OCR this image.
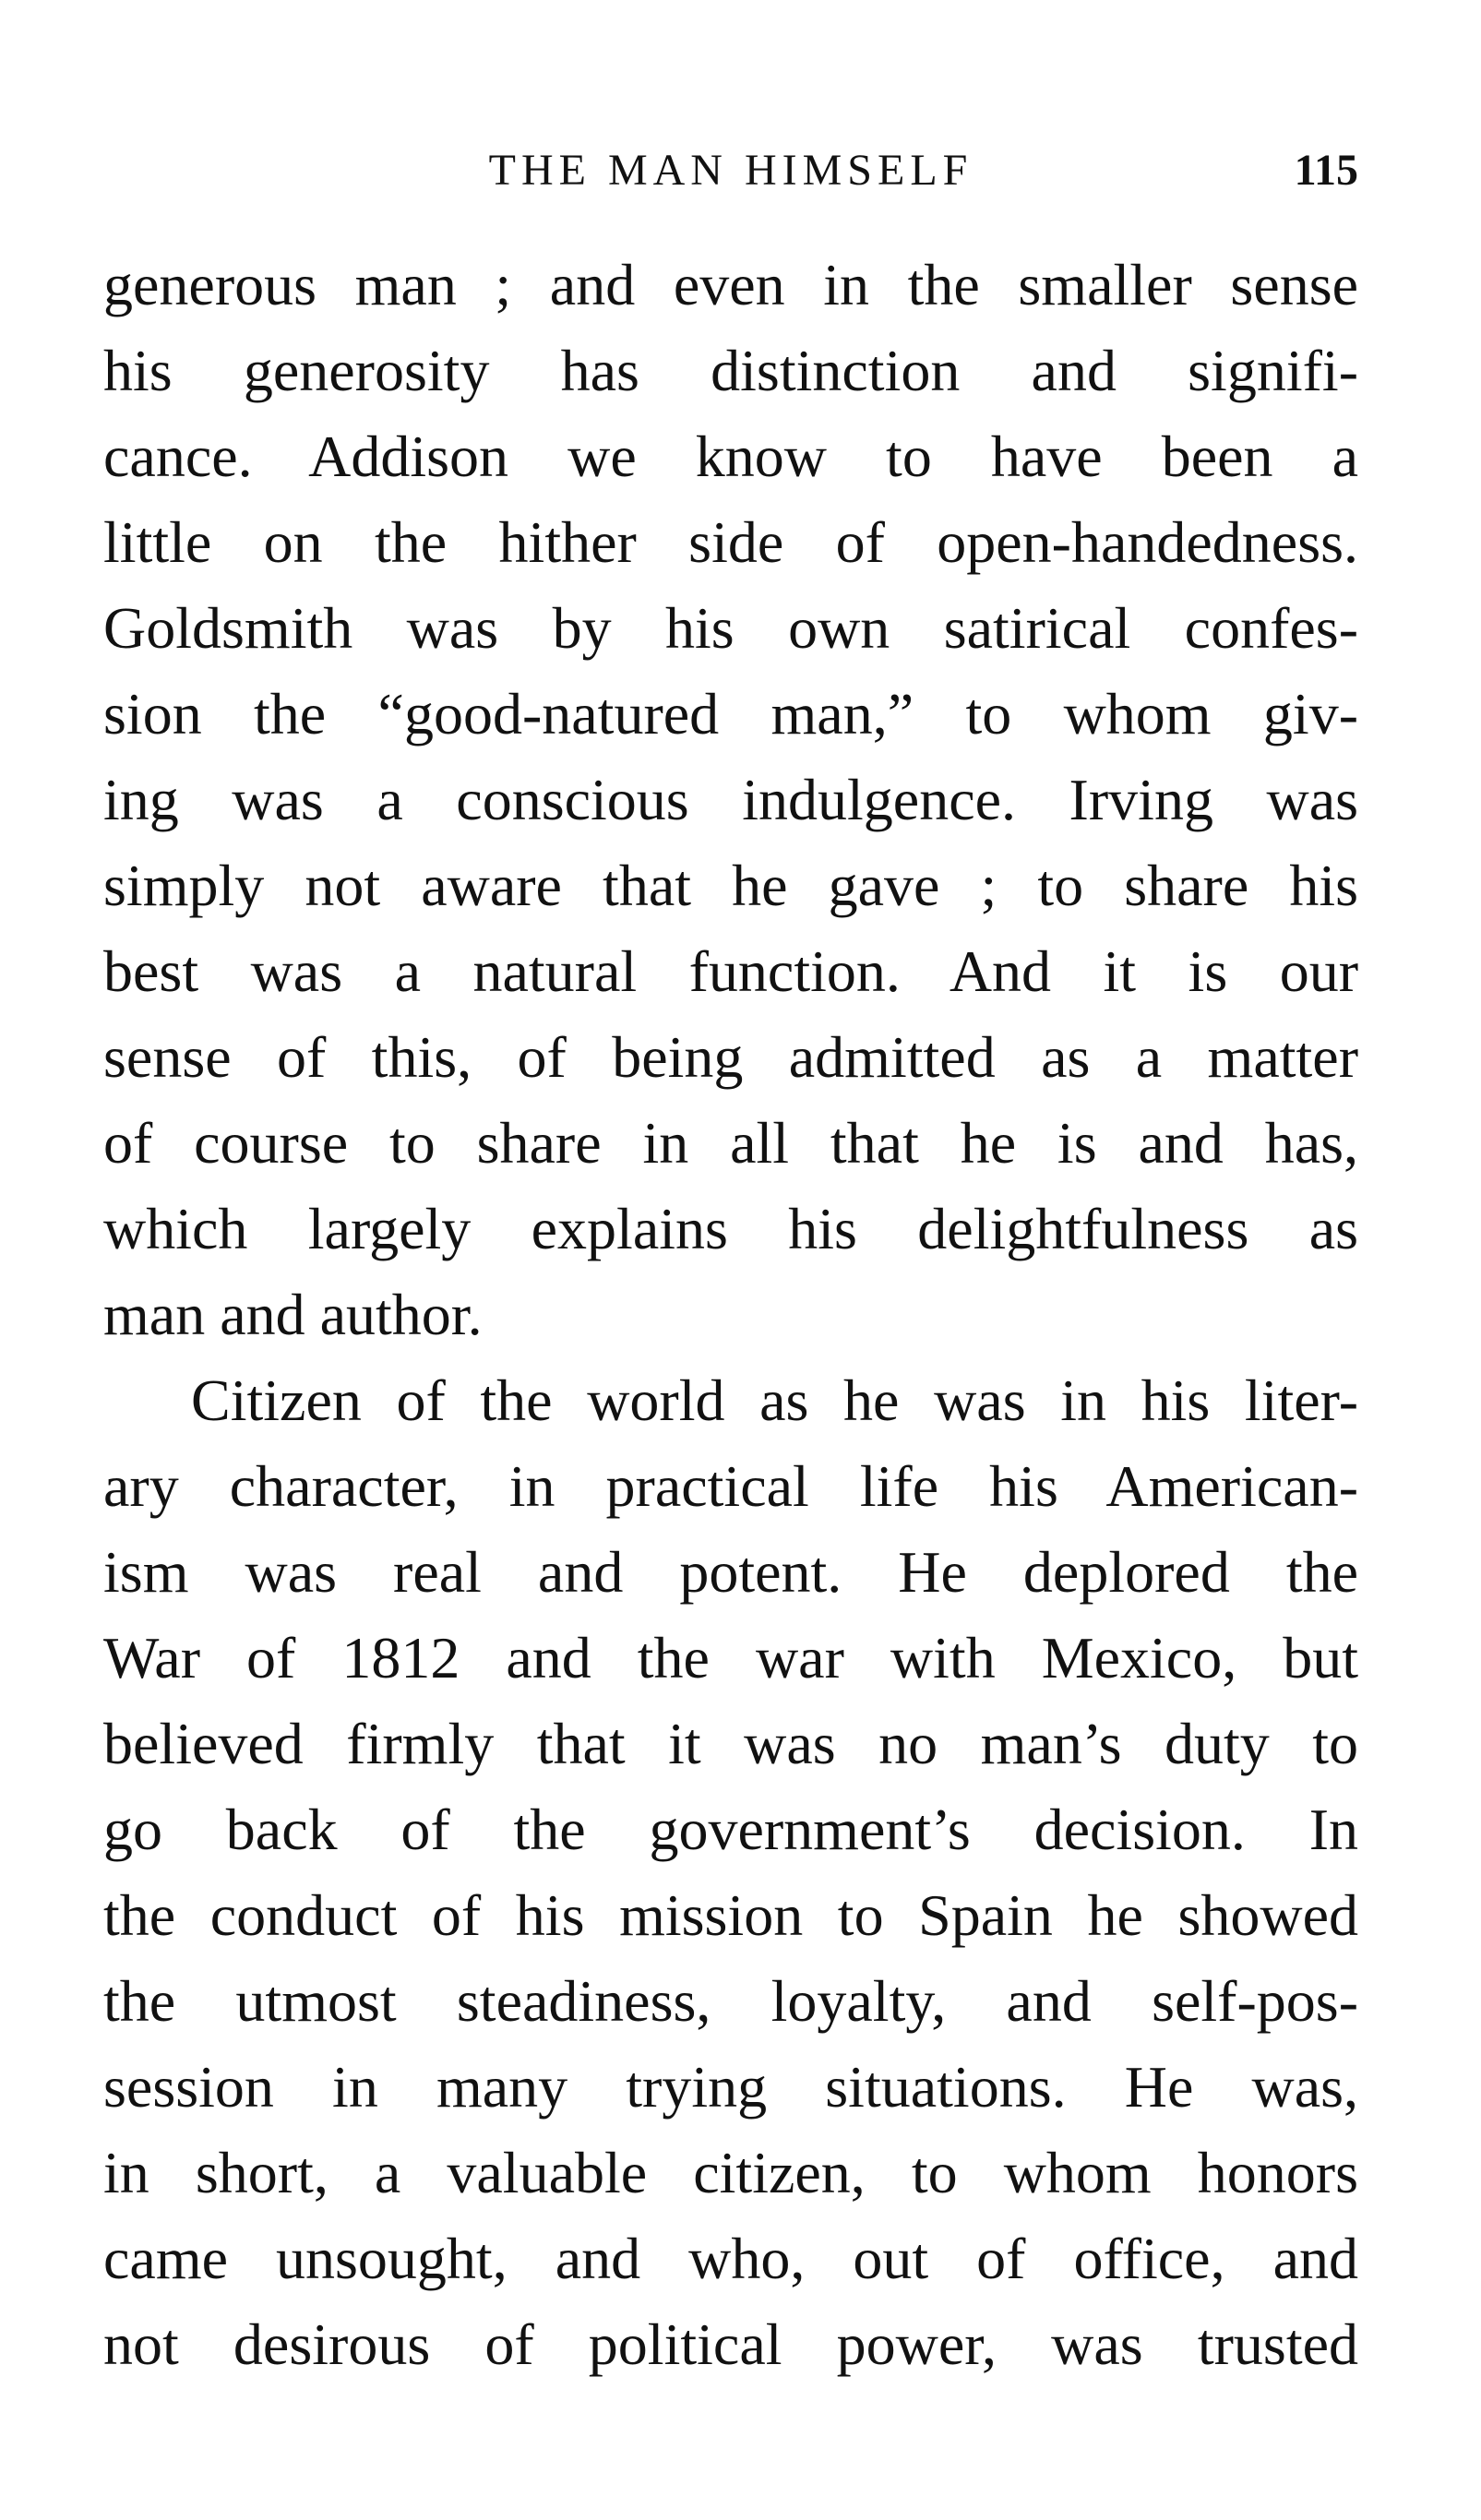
THE MAN HIMSELF	115
generous man ; and even in the smaller sense
his generosity has distinction and signifi-
cance. Addison we know to have been a
little on the hither side of open-handedness.
Goldsmith was by his own satirical confes-
sion the “good-natured man,” to whom giv-
ing was a conscious indulgence. Irving was
simply not aware that he gave ; to share his
best was a natural function. And it is our
sense of this, of being admitted as a matter
of course to share in all that he is and has,
which largely explains his delightfulness as
man and author.
Citizen of the world as he was in his liter-
ary character, in practical life his American-
ism was real and potent. He deplored the
War of 1812 and the war with Mexico, but
believed firmly that it was no man’s duty to
go back of the government’s decision. In
the conduct of his mission to Spain he showed
the utmost steadiness, loyalty, and self-pos-
session in many trying situations. He was,
in short, a valuable citizen, to whom honors
came unsought, and who, out of office, and
not desirous of political power, was trusted
